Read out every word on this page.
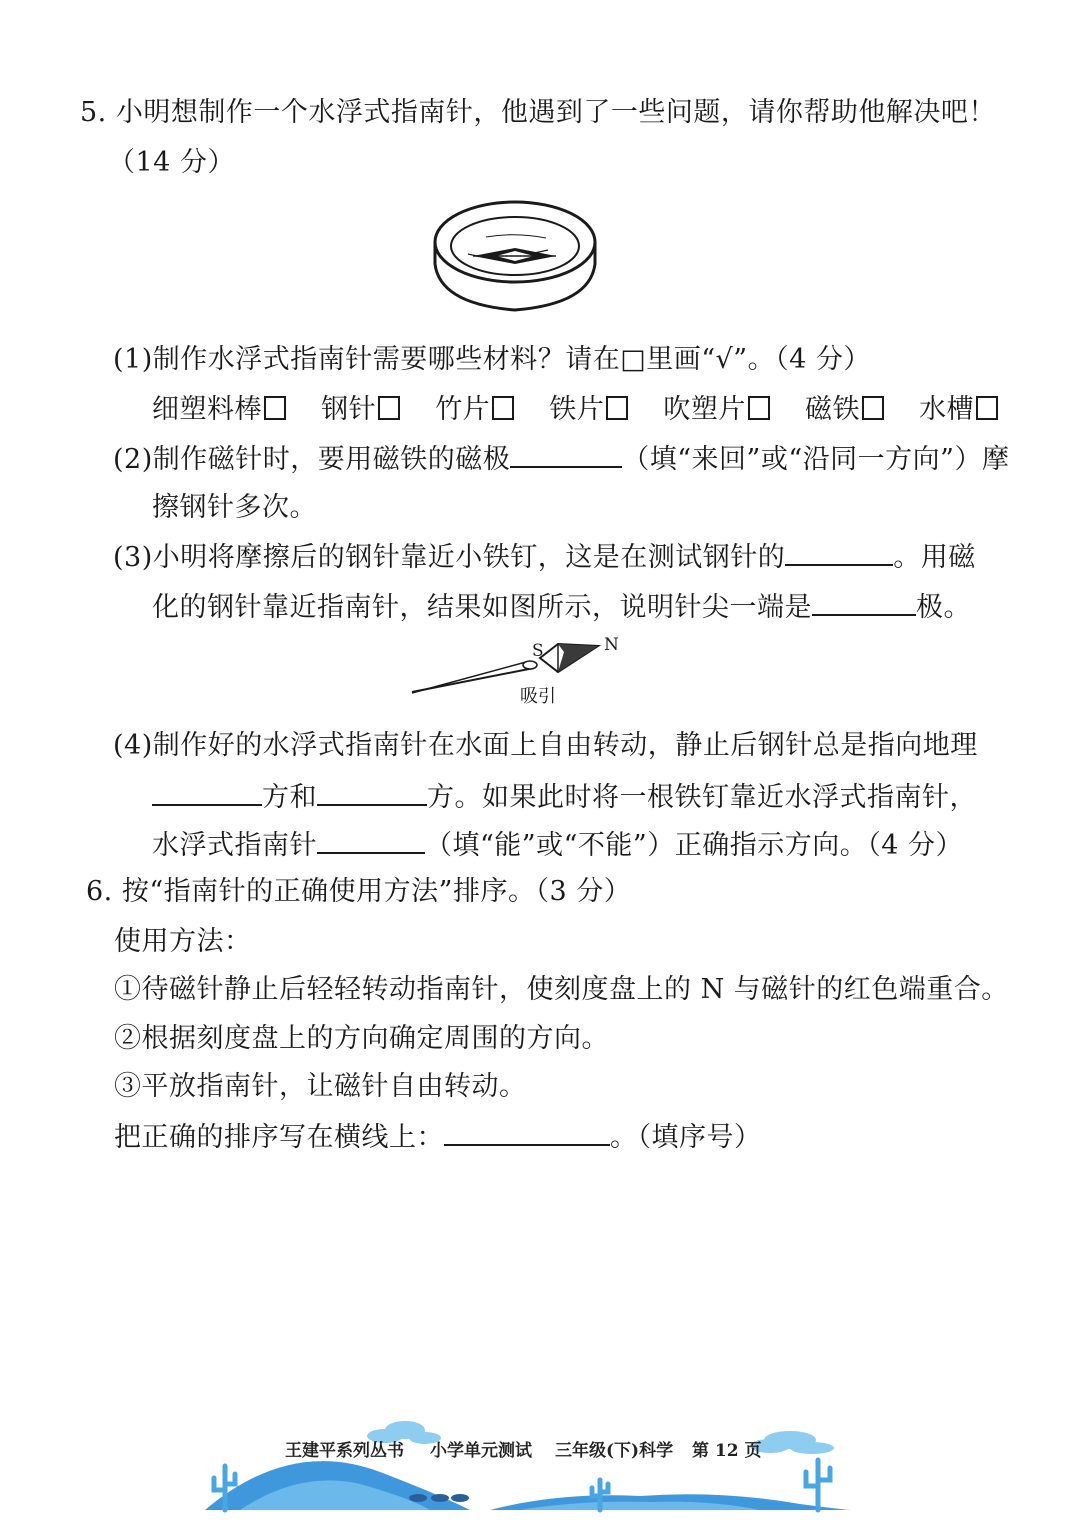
5. 小明想制作一个水浮式指南针，他遇到了一些问题，请你帮助他解决吧！
（14 分）
(1)制作水浮式指南针需要哪些材料？请在□里画“√”。（4 分）
细塑料棒 钢针 竹片 铁片 吹塑片 磁铁 水槽
(2)制作磁针时，要用磁铁的磁极	（填“来回”或“沿同一方向”）摩
擦钢针多次。
(3)小明将摩擦后的钢针靠近小铁钉，这是在测试钢针的	。用磁
化的钢针靠近指南针，结果如图所示，说明针尖一端是	极。
S	N
吸引
(4)制作好的水浮式指南针在水面上自由转动，静止后钢针总是指向地理
方和	方。如果此时将一根铁钉靠近水浮式指南针，
水浮式指南针	（填“能”或“不能”）正确指示方向。（4 分）
6. 按“指南针的正确使用方法”排序。（3 分）
使用方法：
①待磁针静止后轻轻转动指南针，使刻度盘上的 N 与磁针的红色端重合。
②根据刻度盘上的方向确定周围的方向。
③平放指南针，让磁针自由转动。
把正确的排序写在横线上：	。（填序号）
王建平系列丛书 小学单元测试 三年级(下)科学 第 12 页
